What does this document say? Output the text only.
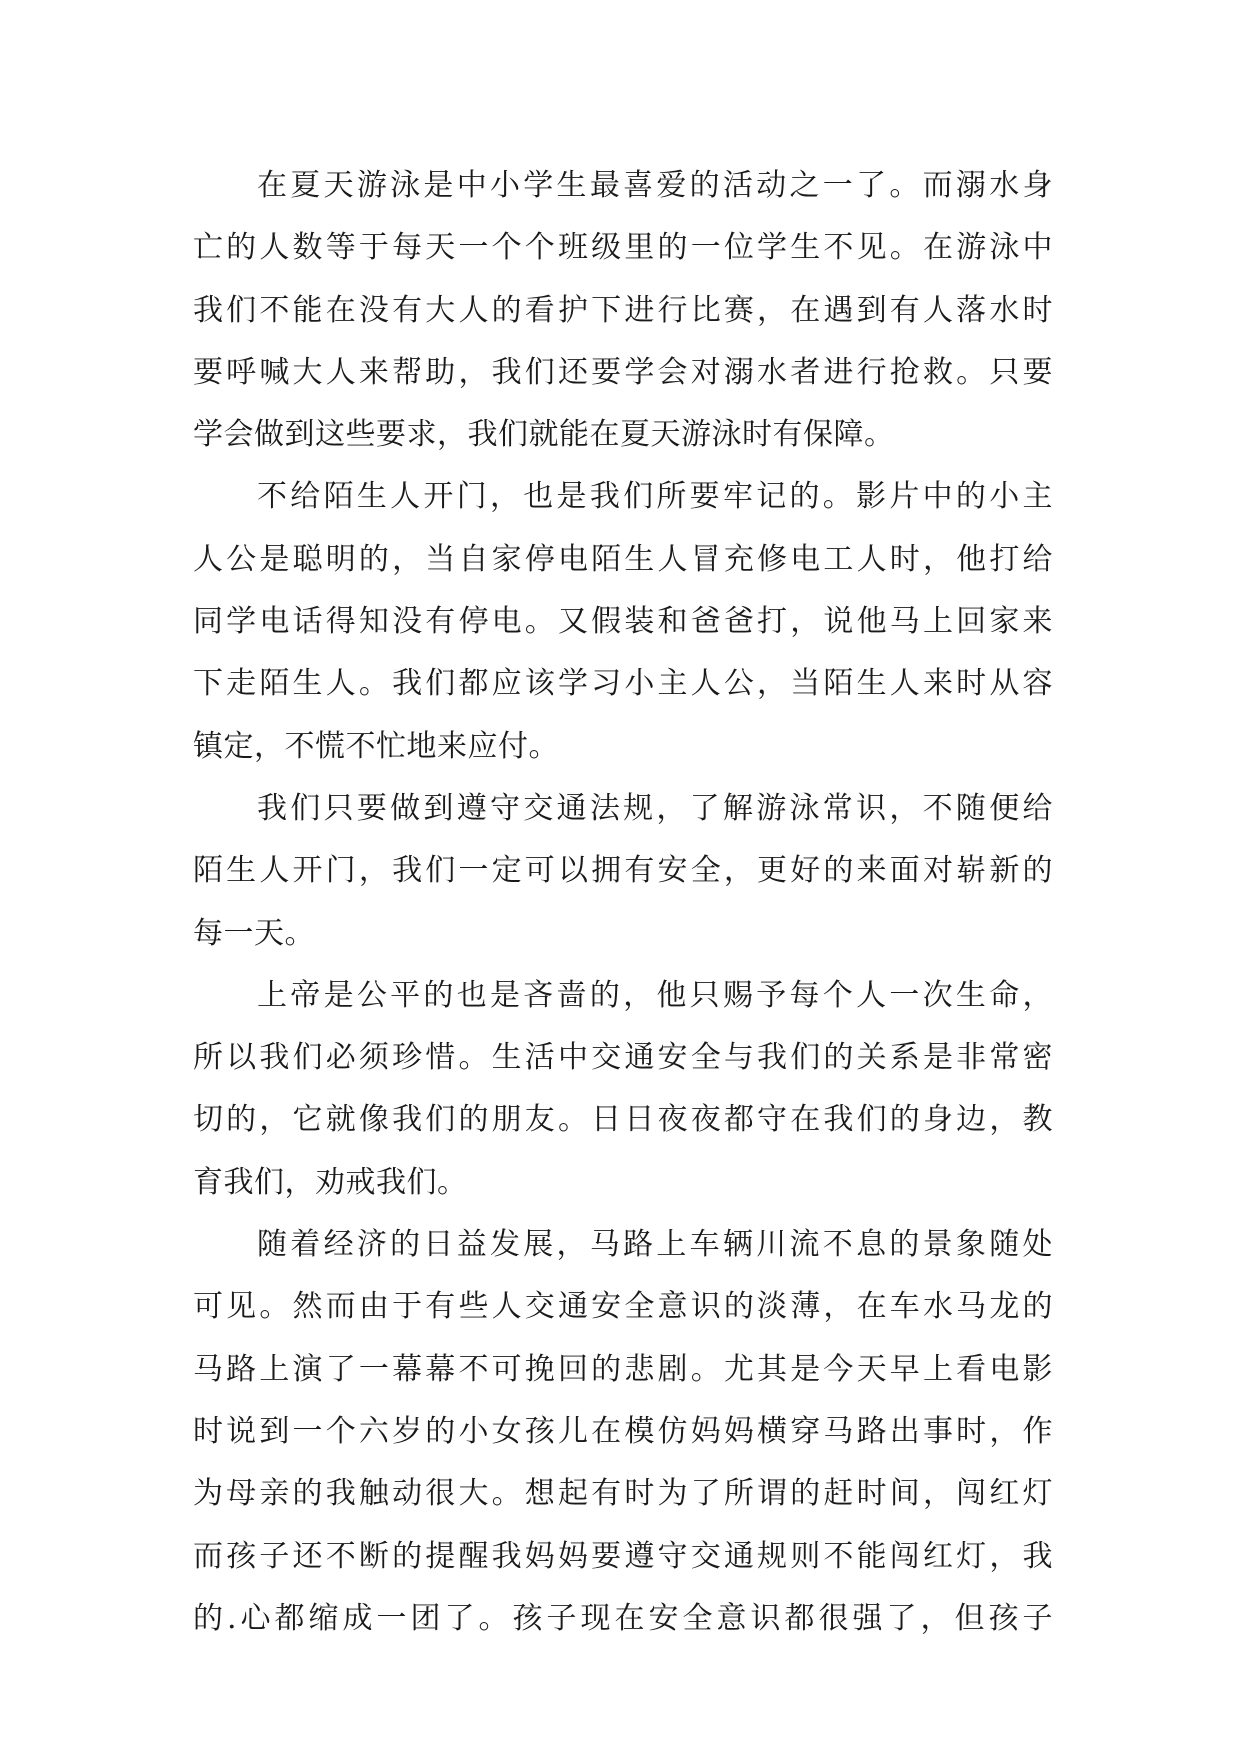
在夏天游泳是中小学生最喜爱的活动之一了。而溺水身
亡的人数等于每天一个个班级里的一位学生不见。在游泳中
我们不能在没有大人的看护下进行比赛，在遇到有人落水时
要呼喊大人来帮助，我们还要学会对溺水者进行抢救。只要
学会做到这些要求，我们就能在夏天游泳时有保障。
不给陌生人开门，也是我们所要牢记的。影片中的小主
人公是聪明的，当自家停电陌生人冒充修电工人时，他打给
同学电话得知没有停电。又假装和爸爸打，说他马上回家来
下走陌生人。我们都应该学习小主人公，当陌生人来时从容
镇定，不慌不忙地来应付。
我们只要做到遵守交通法规，了解游泳常识，不随便给
陌生人开门，我们一定可以拥有安全，更好的来面对崭新的
每一天。
上帝是公平的也是吝啬的，他只赐予每个人一次生命，
所以我们必须珍惜。生活中交通安全与我们的关系是非常密
切的，它就像我们的朋友。日日夜夜都守在我们的身边，教
育我们，劝戒我们。
随着经济的日益发展，马路上车辆川流不息的景象随处
可见。然而由于有些人交通安全意识的淡薄，在车水马龙的
马路上演了一幕幕不可挽回的悲剧。尤其是今天早上看电影
时说到一个六岁的小女孩儿在模仿妈妈横穿马路出事时，作
为母亲的我触动很大。想起有时为了所谓的赶时间，闯红灯
而孩子还不断的提醒我妈妈要遵守交通规则不能闯红灯，我
的.心都缩成一团了。孩子现在安全意识都很强了，但孩子
